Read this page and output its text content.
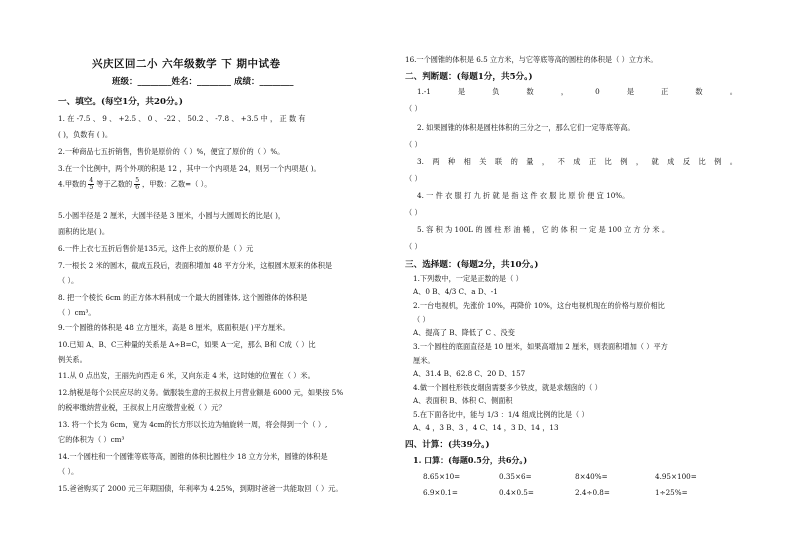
兴庆区回二小 六年级数学 下 期中试卷
班级：________姓名：________ 成绩：________
一、填空。(每空1分，共20分。)
1. 在 -7.5 、 9 、 +2.5 、 0 、 -22 、 50.2 、 -7.8 、 +3.5 中 ， 正 数 有
( )，负数有 ( )。
2.一种商品七五折销售，售价是原价的（ ）%，便宜了原价的（ ）%。
3.在一个比例中，两个外项的积是 12 ，其中一个内项是 24，则另一个内项是( )。
4.甲数的 $\frac{4}{5}$ 等于乙数的 $\frac{5}{6}$ ，甲数：乙数=（ ）。
5.小圆半径是 2 厘米，大圆半径是 3 厘米，小圆与大圆周长的比是( )，
面积的比是( )。
6.一件上衣七五折后售价是135元，这件上衣的原价是（ ）元
7.一根长 2 米的圆木，截成五段后，表面积增加 48 平方分米，这根圆木原来的体积是
（ ）。
8. 把一个棱长 6cm 的正方体木料削成一个最大的圆锥体, 这个圆锥体的体积是
（ ）cm³。
9.一个圆锥的体积是 48 立方厘米，高是 8 厘米，底面积是( )平方厘米。
10.已知 A、B、C三种量的关系是 A÷B=C，如果 A一定，那么 B和 C成（ ）比
例关系。
11.从 0 点出发，王丽先向西走 6 米，又向东走 4 米，这时她的位置在（ ）米。
12.纳税是每个公民应尽的义务。做服装生意的王叔叔上月营业额是 6000 元，如果按 5%
的税率缴纳营业税，王叔叔上月应缴营业税（ ）元？
13. 将一个长为 6cm，宽为 4cm的长方形以长边为轴旋转一周，将会得到一个（ ）,
它的体积为（ ）cm³
14.一个圆柱和一个圆锥等底等高，圆锥的体积比圆柱少 18 立方分米，圆锥的体积是
（ ）。
15.爸爸购买了 2000 元三年期国债，年利率为 4.25%，到期时爸爸一共能取回（ ）元。
16.一个圆锥的体积是 6.5 立方米，与它等底等高的圆柱的体积是（ ）立方米。
二、判断题：(每题1分，共5分。)
1.-1	是	负	数	，	0	是	正	数	。
（ ）
2. 如果圆锥的体积是圆柱体积的三分之一，那么它们一定等底等高。
（ ）
3. 两 种 相 关 联 的 量 ， 不 成 正 比 例 ， 就 成 反 比 例 。
（ ）
4. 一 件 衣 服 打 九 折 就 是 指 这 件 衣 服 比 原 价 便 宜 10%。
（ ）
5. 容 积 为 100L 的 圆 柱 形 油 桶 ， 它 的 体 积 一 定 是 100 立 方 分 米 。
（ ）
三、选择题：(每题2分，共10分。)
1.下列数中，一定是正数的是（ ）
A、0 B、4/3 C、a D、-1
2.一台电视机，先涨价 10%，再降价 10%，这台电视机现在的价格与原价相比
（ ）
A、提高了 B、降低了 C 、没变
3.一个圆柱的底面直径是 10 厘米，如果高增加 2 厘米，则表面积增加（ ）平方
厘米。
A、31.4 B、62.8 C、20 D、157
4.做一个圆柱形铁皮烟囱需要多少铁皮，就是求烟囱的（ ）
A、表面积 B、体积 C、侧面积
5.在下面各比中，能与 1/3 ：1/4 组成比例的比是（ ）
A、4 ，3 B、3 ，4 C、14 ，3 D、14 ，13
四、计算：(共39分。)
1. 口算：(每题0.5分，共6分。)
8.65×10=	0.35×6=	8×40%=	4.95×100=
6.9×0.1=	0.4×0.5=	2.4÷0.8=	1÷25%=
